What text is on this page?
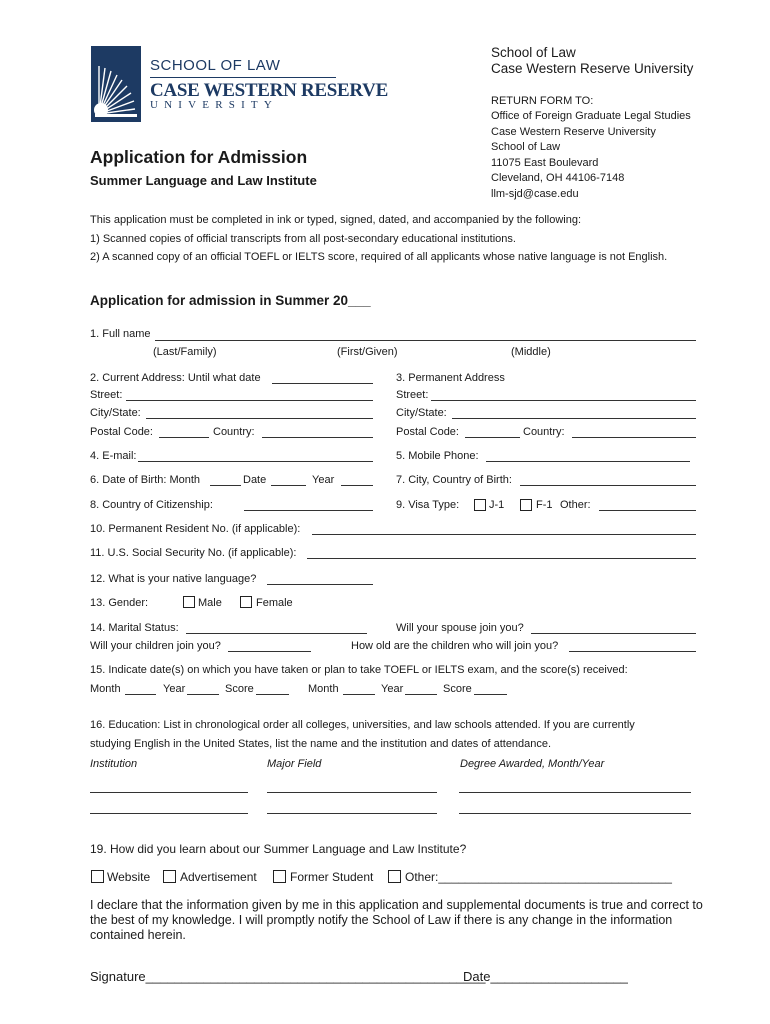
SCHOOL OF LAW
CASE WESTERN RESERVE
UNIVERSITY
School of Law
Case Western Reserve University
RETURN FORM TO:
Office of Foreign Graduate Legal Studies
Case Western Reserve University
School of Law
11075 East Boulevard
Cleveland, OH 44106-7148
llm-sjd@case.edu
Application for Admission
Summer Language and Law Institute
This application must be completed in ink or typed, signed, dated, and accompanied by the following:
1) Scanned copies of official transcripts from all post-secondary educational institutions.
2) A scanned copy of an official TOEFL or IELTS score, required of all applicants whose native language is not English.
Application for admission in Summer 20___
1. Full name
(Last/Family)	(First/Given)	(Middle)
2. Current Address: Until what date	3. Permanent Address
Street:	Street:
City/State:	City/State:
Postal Code:	Country:	Postal Code:	Country:
4. E-mail:	5. Mobile Phone:
6. Date of Birth: Month	Date	Year	7. City, Country of Birth:
8. Country of Citizenship:	9. Visa Type:	J-1	F-1 Other:
10. Permanent Resident No. (if applicable):
11. U.S. Social Security No. (if applicable):
12. What is your native language?
13. Gender:	Male	Female
14. Marital Status:	Will your spouse join you?
Will your children join you?	How old are the children who will join you?
15. Indicate date(s) on which you have taken or plan to take TOEFL or IELTS exam, and the score(s) received:
Month	Year	Score	Month	Year	Score
16. Education: List in chronological order all colleges, universities, and law schools attended. If you are currently
studying English in the United States, list the name and the institution and dates of attendance.
Institution	Major Field	Degree Awarded, Month/Year
19. How did you learn about our Summer Language and Law Institute?
Website Advertisement	Former Student	Other:___________________________________
I declare that the information given by me in this application and supplemental documents is true and correct to the best of my knowledge. I will promptly notify the School of Law if there is any change in the information contained herein.
Signature_______________________________________________
Date___________________
